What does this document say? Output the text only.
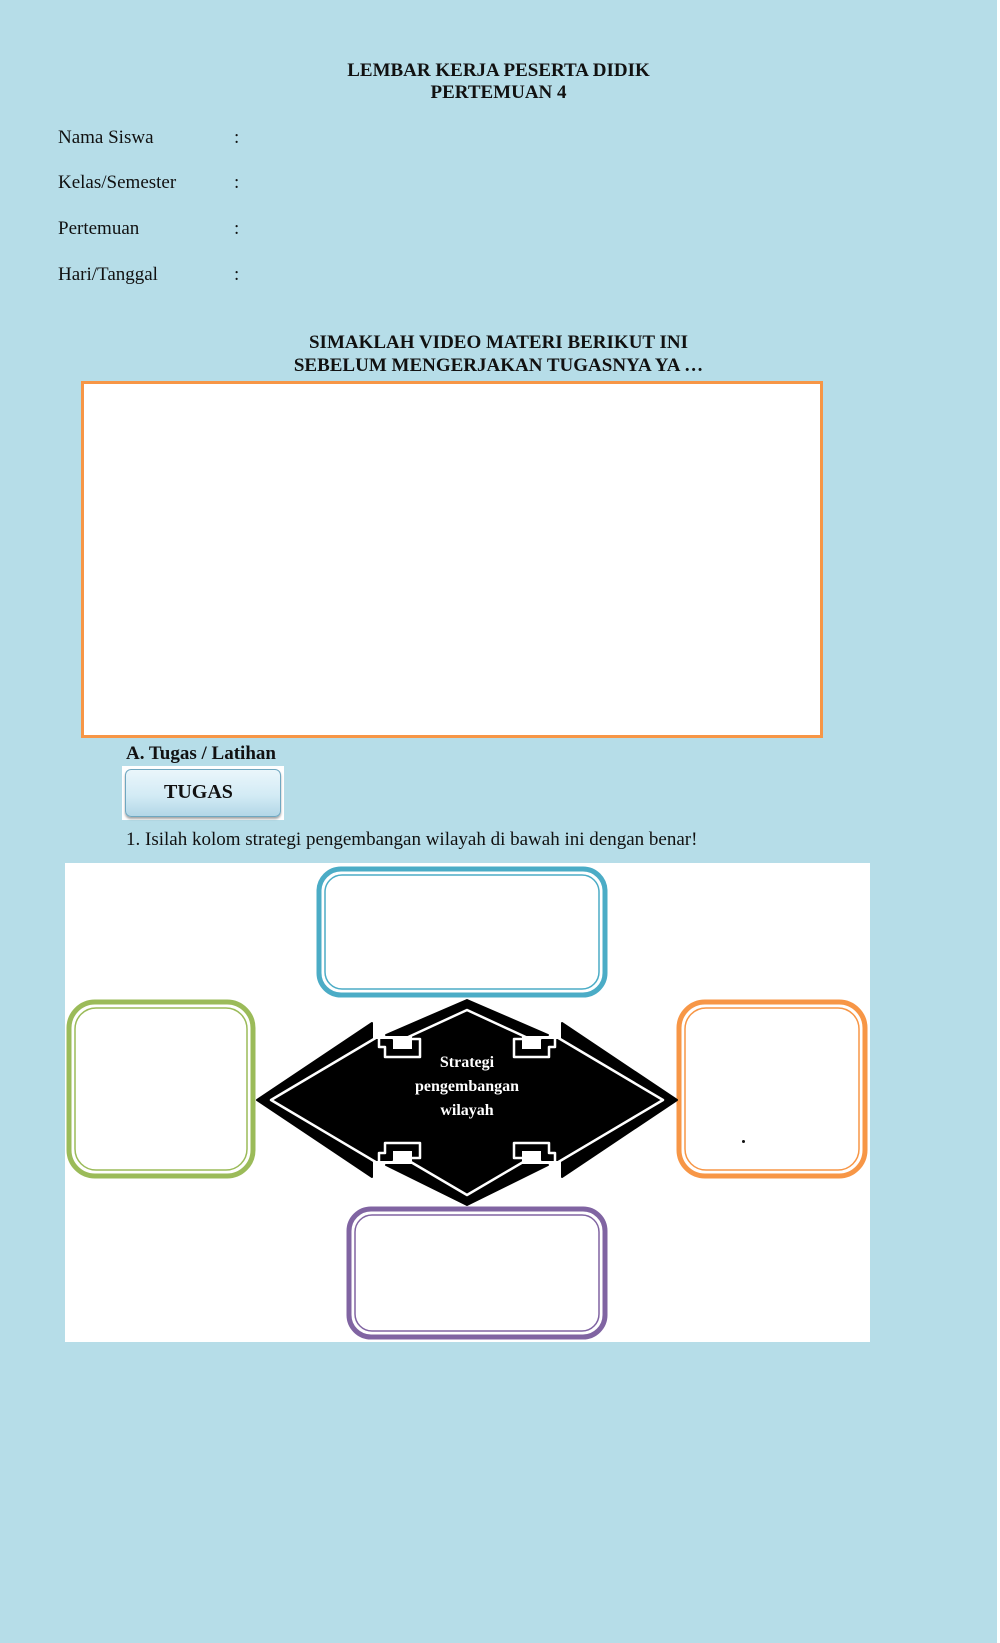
LEMBAR KERJA PESERTA DIDIK
PERTEMUAN 4
Nama Siswa	:
Kelas/Semester	:
Pertemuan	:
Hari/Tanggal	:
SIMAKLAH VIDEO MATERI BERIKUT INI
SEBELUM MENGERJAKAN TUGASNYA YA …
A. Tugas / Latihan
TUGAS
1. Isilah kolom strategi pengembangan wilayah di bawah ini dengan benar!
Strategi
pengembangan
wilayah
